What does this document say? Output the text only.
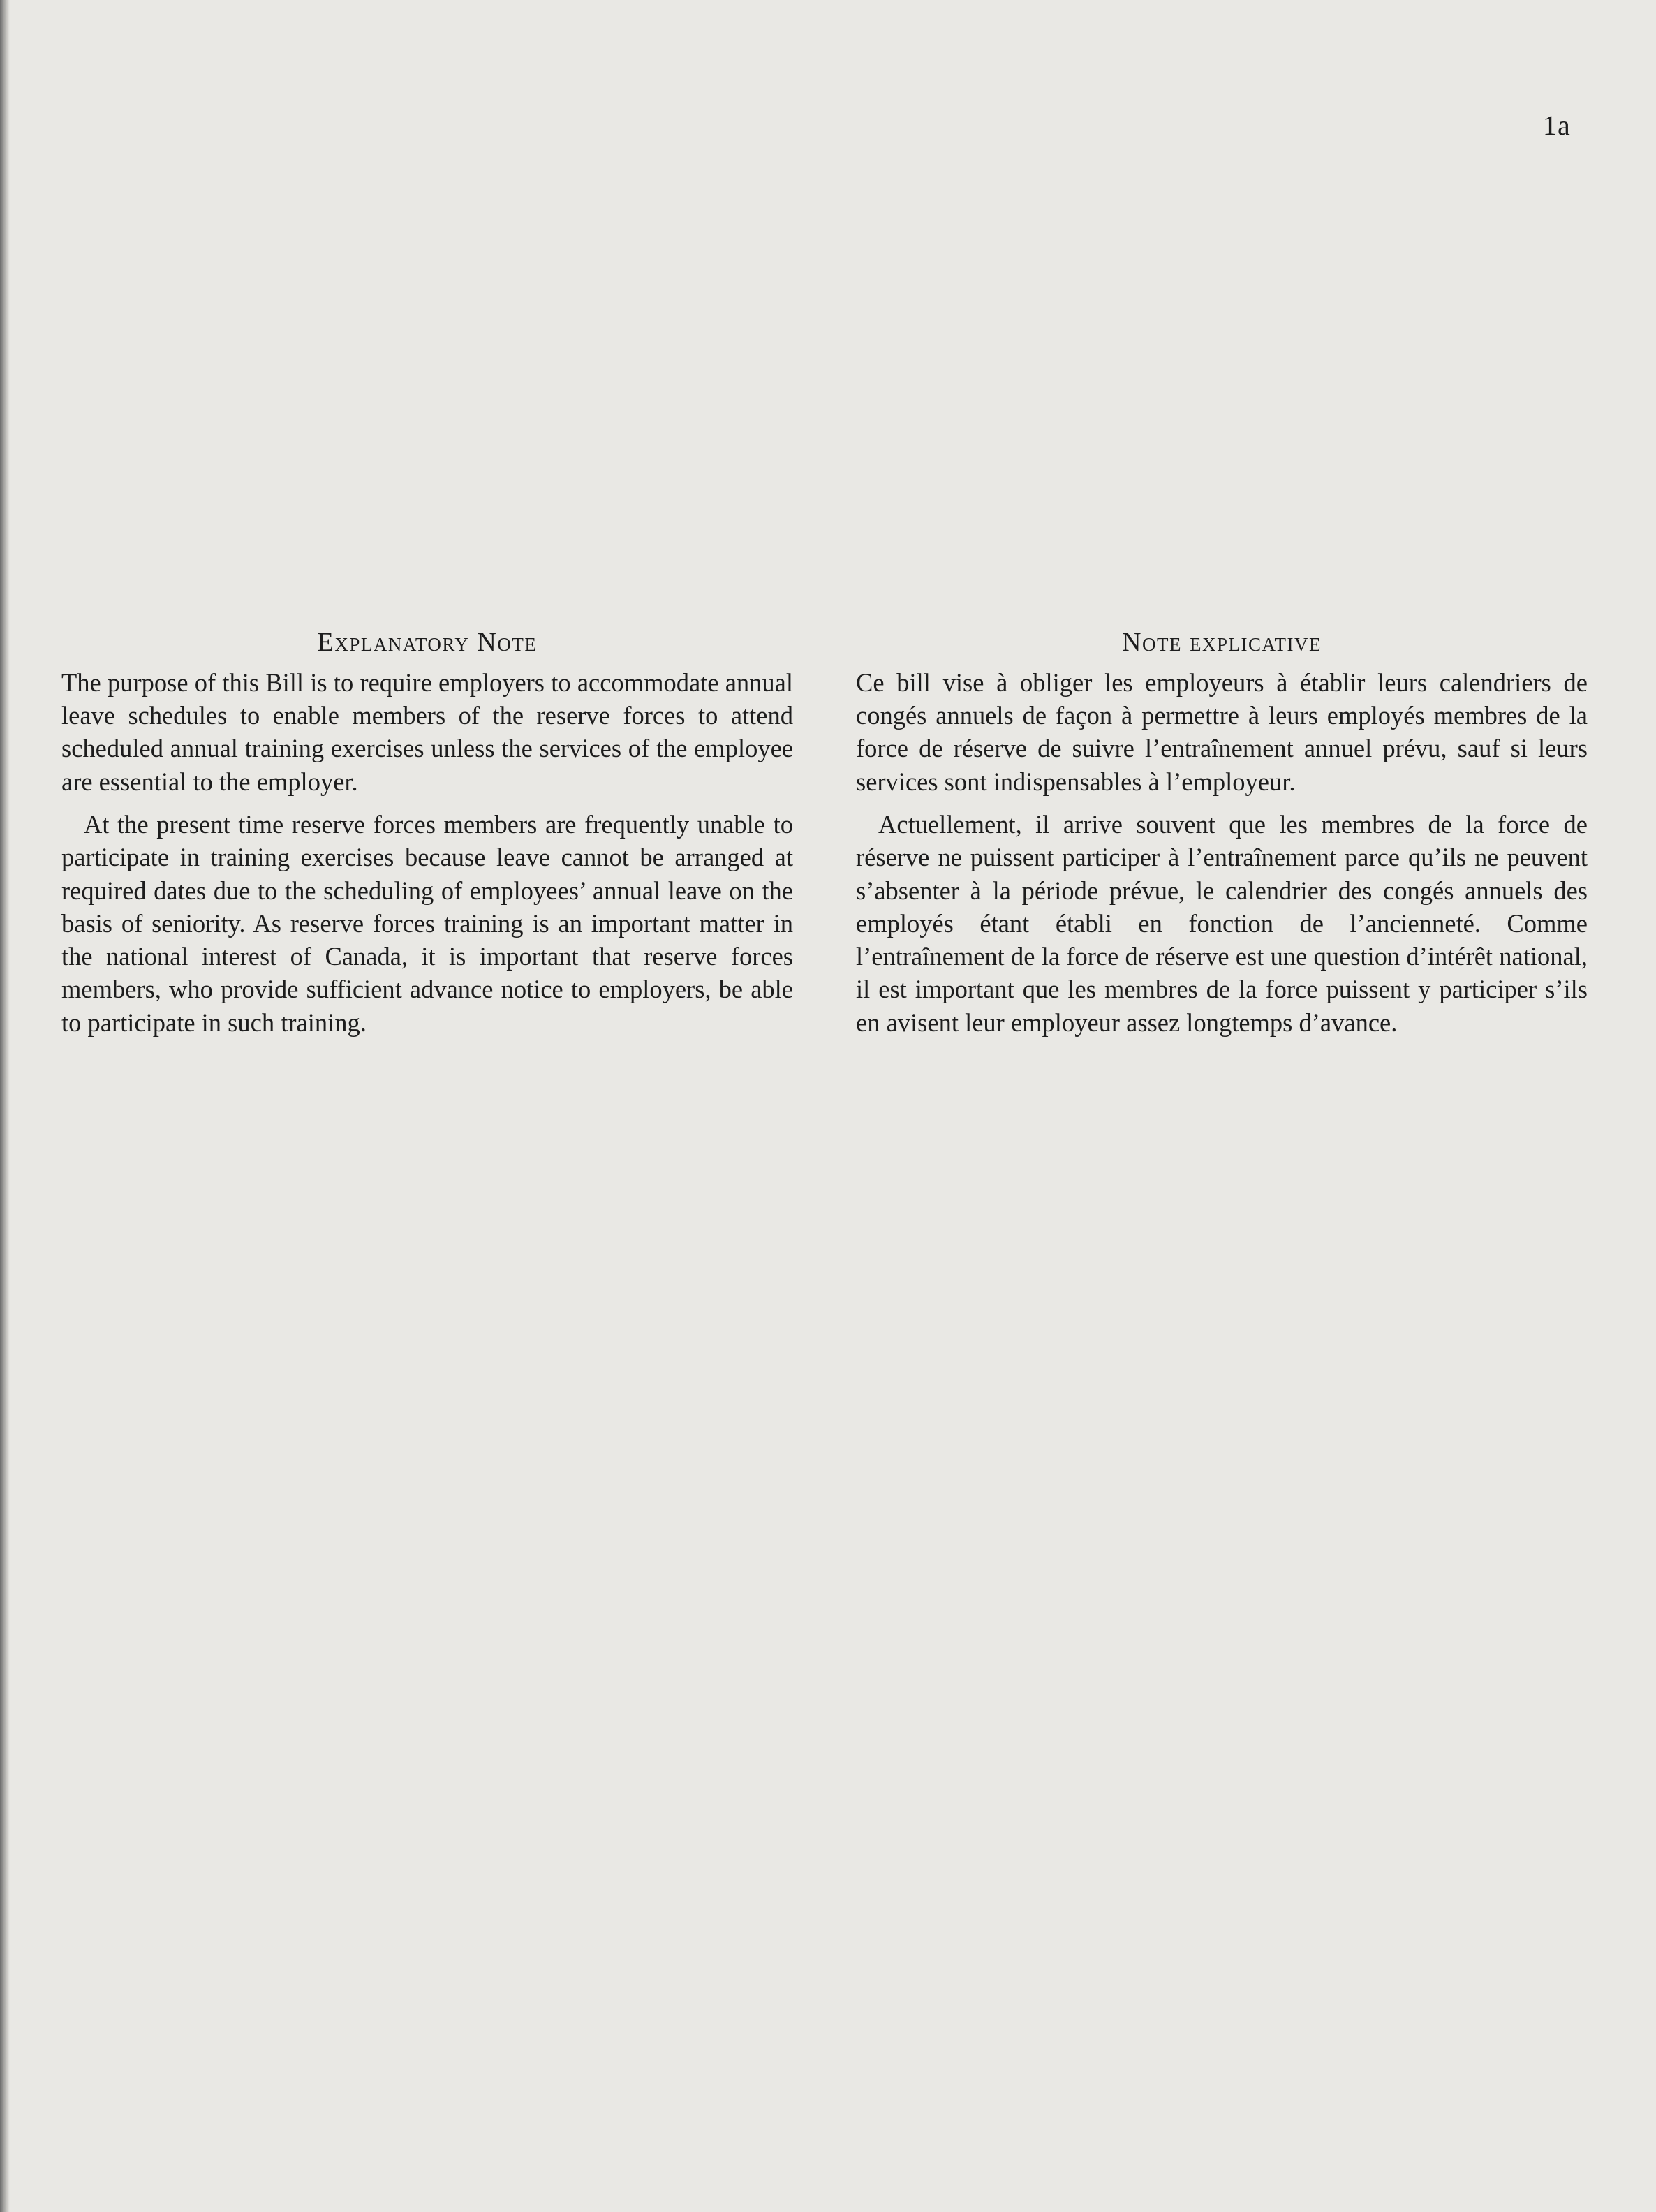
1a
Explanatory Note

The purpose of this Bill is to require employers to accommodate annual leave schedules to enable members of the reserve forces to attend scheduled annual training exercises unless the services of the employee are essential to the employer.

At the present time reserve forces members are frequently unable to participate in training exercises because leave cannot be arranged at required dates due to the scheduling of employees’ annual leave on the basis of seniority. As reserve forces training is an important matter in the national interest of Canada, it is important that reserve forces members, who provide sufficient advance notice to employers, be able to participate in such training.

Note explicative

Ce bill vise à obliger les employeurs à établir leurs calendriers de congés annuels de façon à permettre à leurs employés membres de la force de réserve de suivre l’entraînement annuel prévu, sauf si leurs services sont indispensables à l’employeur.

Actuellement, il arrive souvent que les membres de la force de réserve ne puissent participer à l’entraînement parce qu’ils ne peuvent s’absenter à la période prévue, le calendrier des congés annuels des employés étant établi en fonction de l’ancienneté. Comme l’entraînement de la force de réserve est une question d’intérêt national, il est important que les membres de la force puissent y participer s’ils en avisent leur employeur assez longtemps d’avance.
